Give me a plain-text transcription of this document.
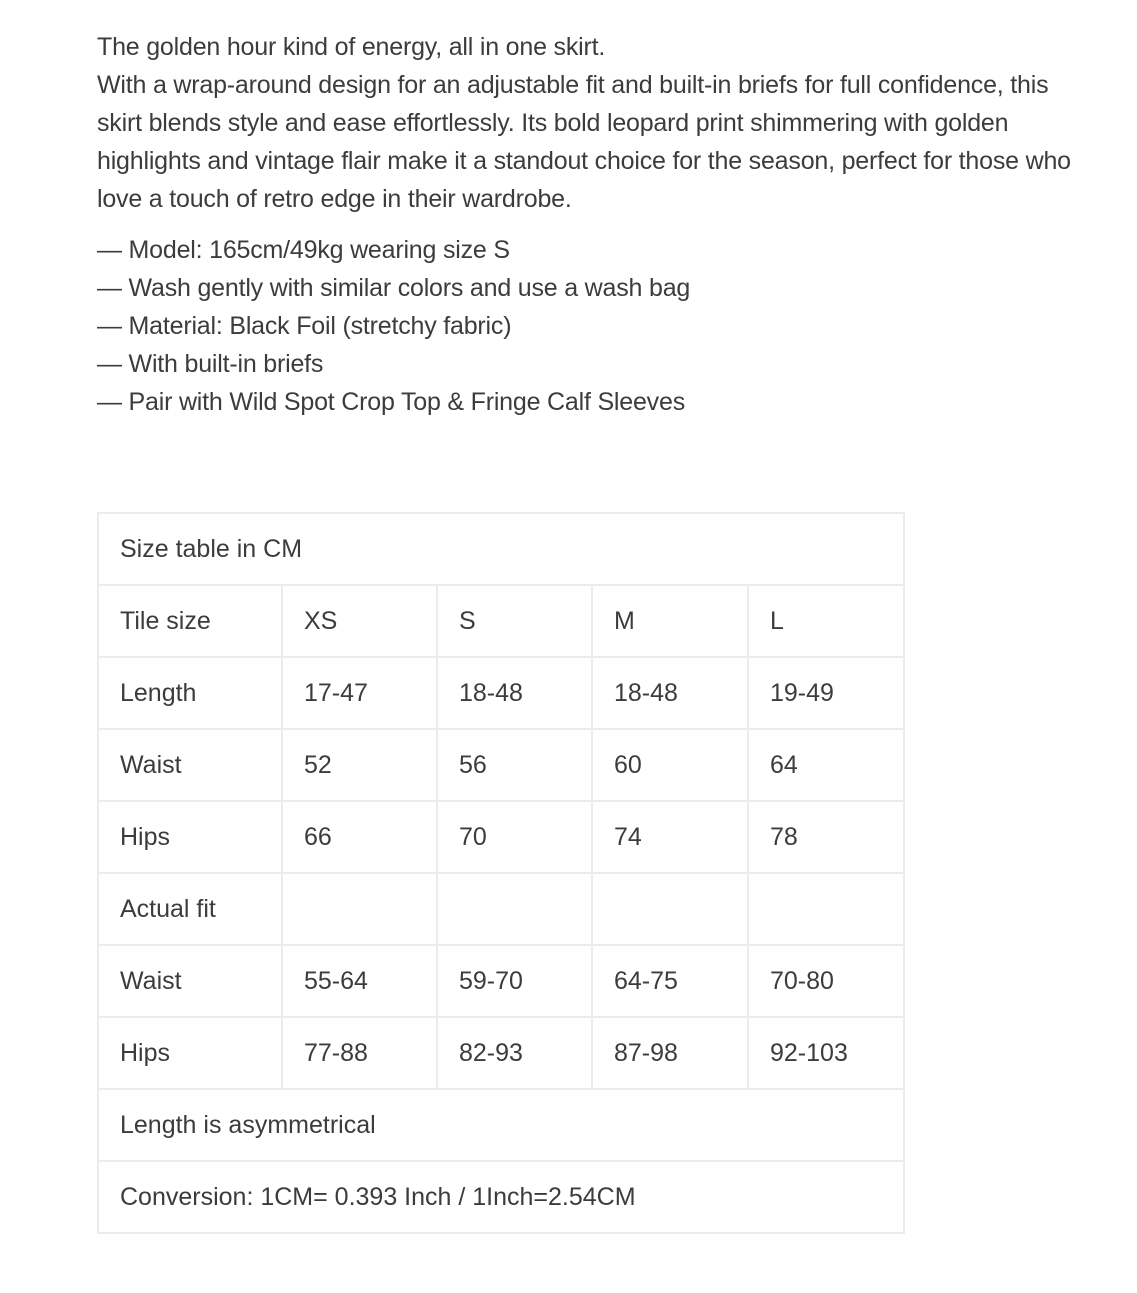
The golden hour kind of energy, all in one skirt.

With a wrap-around design for an adjustable fit and built-in briefs for full confidence, this skirt blends style and ease effortlessly. Its bold leopard print shimmering with golden highlights and vintage flair make it a standout choice for the season, perfect for those who love a touch of retro edge in their wardrobe.

— Model: 165cm/49kg wearing size S
— Wash gently with similar colors and use a wash bag
— Material: Black Foil (stretchy fabric)
— With built-in briefs
— Pair with Wild Spot Crop Top & Fringe Calf Sleeves
Size table in CM				
Tile size	XS	S	M	L
Length	17-47	18-48	18-48	19-49
Waist	52	56	60	64
Hips	66	70	74	78
Actual fit				
Waist	55-64	59-70	64-75	70-80
Hips	77-88	82-93	87-98	92-103
Length is asymmetrical				
Conversion: 1CM= 0.393 Inch / 1Inch=2.54CM				
